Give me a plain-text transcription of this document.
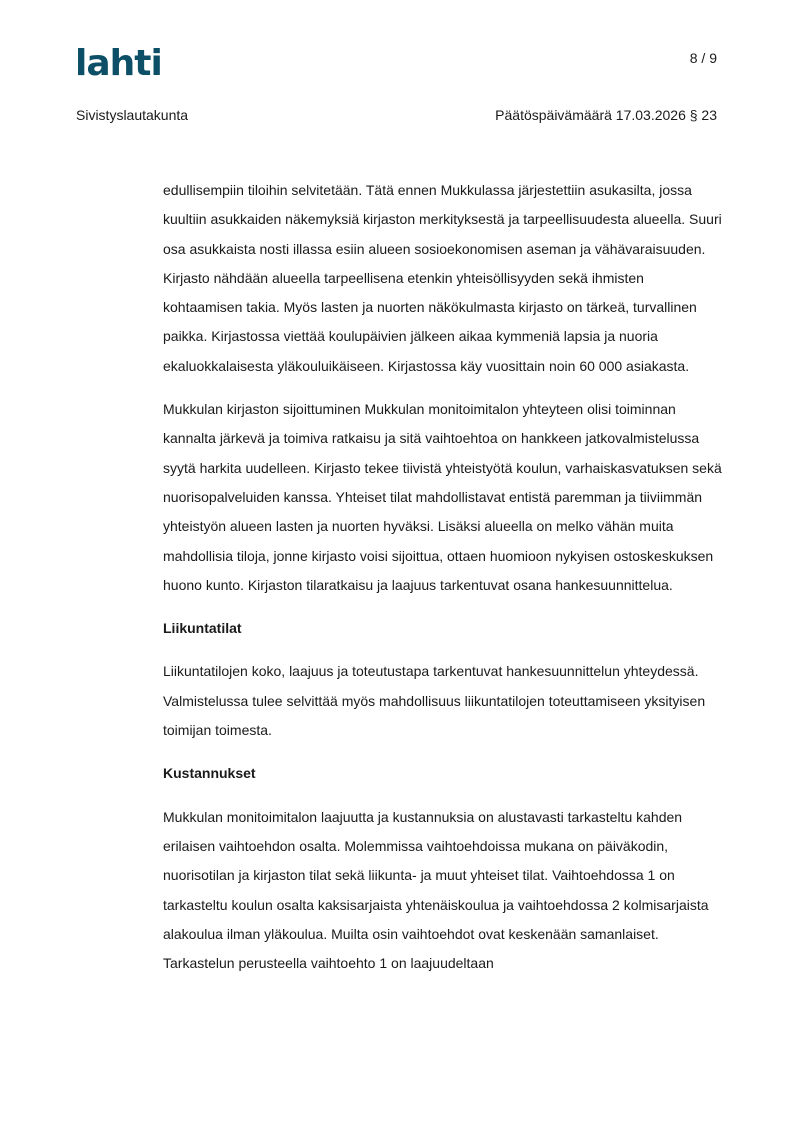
lahti	8 / 9
Sivistyslautakunta	Päätöspäivämäärä 17.03.2026 § 23

edullisempiin tiloihin selvitetään. Tätä ennen Mukkulassa järjestettiin asukasilta, jossa kuultiin asukkaiden näkemyksiä kirjaston merkityksestä ja tarpeellisuudesta alueella. Suuri osa asukkaista nosti illassa esiin alueen sosioekonomisen aseman ja vähävaraisuuden. Kirjasto nähdään alueella tarpeellisena etenkin yhteisöllisyyden sekä ihmisten kohtaamisen takia. Myös lasten ja nuorten näkökulmasta kirjasto on tärkeä, turvallinen paikka. Kirjastossa viettää koulupäivien jälkeen aikaa kymmeniä lapsia ja nuoria ekaluokkalaisesta yläkouluikäiseen. Kirjastossa käy vuosittain noin 60 000 asiakasta.

Mukkulan kirjaston sijoittuminen Mukkulan monitoimitalon yhteyteen olisi toiminnan kannalta järkevä ja toimiva ratkaisu ja sitä vaihtoehtoa on hankkeen jatkovalmistelussa syytä harkita uudelleen. Kirjasto tekee tiivistä yhteistyötä koulun, varhaiskasvatuksen sekä nuorisopalveluiden kanssa. Yhteiset tilat mahdollistavat entistä paremman ja tiiviimmän yhteistyön alueen lasten ja nuorten hyväksi. Lisäksi alueella on melko vähän muita mahdollisia tiloja, jonne kirjasto voisi sijoittua, ottaen huomioon nykyisen ostoskeskuksen huono kunto. Kirjaston tilaratkaisu ja laajuus tarkentuvat osana hankesuunnittelua.

Liikuntatilat

Liikuntatilojen koko, laajuus ja toteutustapa tarkentuvat hankesuunnittelun yhteydessä. Valmistelussa tulee selvittää myös mahdollisuus liikuntatilojen toteuttamiseen yksityisen toimijan toimesta.

Kustannukset

Mukkulan monitoimitalon laajuutta ja kustannuksia on alustavasti tarkasteltu kahden erilaisen vaihtoehdon osalta. Molemmissa vaihtoehdoissa mukana on päiväkodin, nuorisotilan ja kirjaston tilat sekä liikunta- ja muut yhteiset tilat. Vaihtoehdossa 1 on tarkasteltu koulun osalta kaksisarjaista yhtenäiskoulua ja vaihtoehdossa 2 kolmisarjaista alakoulua ilman yläkoulua. Muilta osin vaihtoehdot ovat keskenään samanlaiset. Tarkastelun perusteella vaihtoehto 1 on laajuudeltaan
